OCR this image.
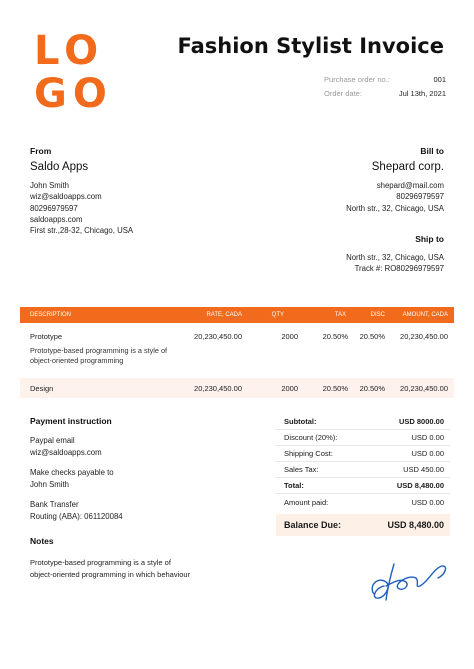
LO
GO
Fashion Stylist Invoice
Purchase order no.:	001
Order date:	Jul 13th, 2021
From
Saldo Apps
John Smith
wiz@saldoapps.com
80296979597
saldoapps.com
First str.,28-32, Chicago, USA
Bill to
Shepard corp.
shepard@mail.com
80296979597
North str., 32, Chicago, USA
Ship to
North str., 32, Chicago, USA
Track #: RO80296979597
DESCRIPTION	RATE, CADA	QTY	TAX	DISC	AMOUNT, CADA
Prototype	20,230,450.00	2000	20.50%	20.50%	20,230,450.00
Prototype-based programming is a style of object-oriented programming
Design	20,230,450.00	2000	20.50%	20.50%	20,230,450.00
Payment instruction
Paypal email
wiz@saldoapps.com
Make checks payable to
John Smith
Bank Transfer
Routing (ABA): 061120084
Subtotal:	USD 8000.00
Discount (20%):	USD 0.00
Shipping Cost:	USD 0.00
Sales Tax:	USD 450.00
Total:	USD 8,480.00
Amount paid:	USD 0.00
Balance Due:	USD 8,480.00
Notes
Prototype-based programming is a style of
object-oriented programming in which behaviour
